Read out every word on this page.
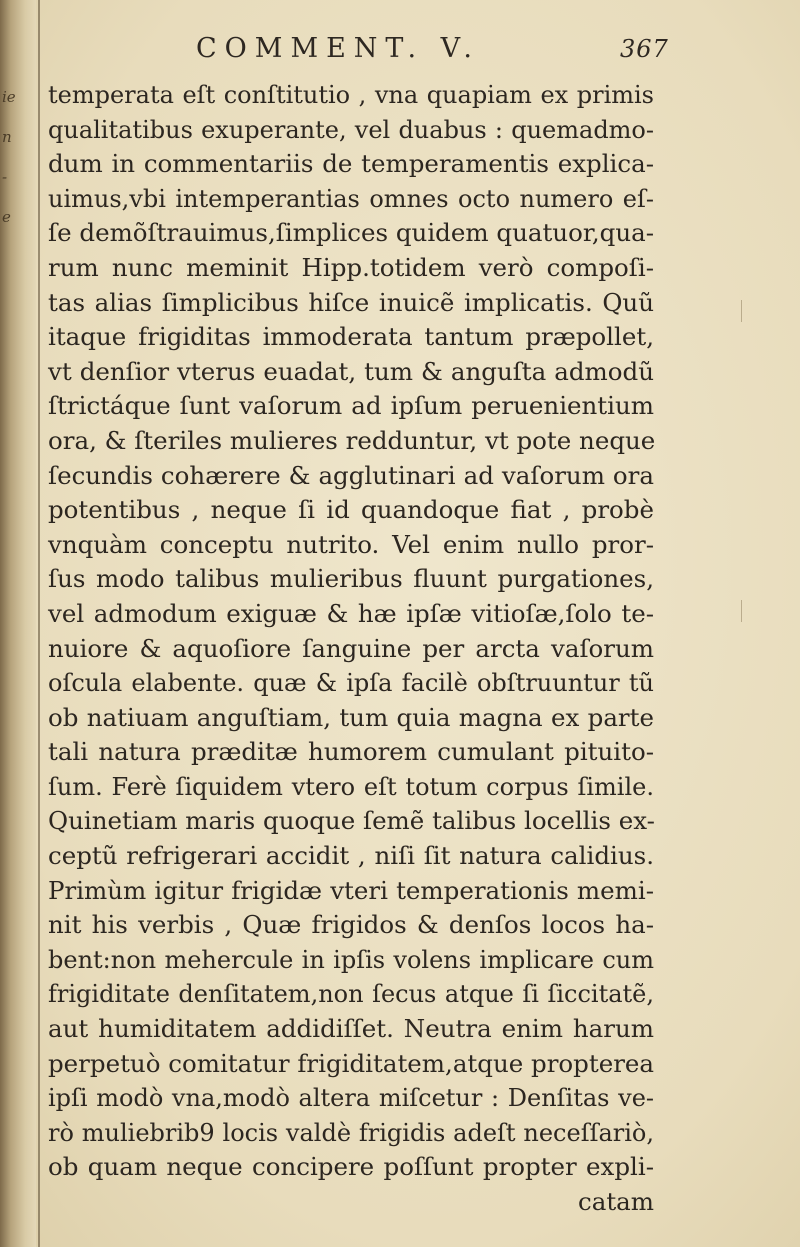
ie
n
-
e
COMMENT. V.	367
temperata eſt conſtitutio , vna quapiam ex primis
qualitatibus exuperante, vel duabus : quemadmo-
dum in commentariis de temperamentis explica-
uimus,vbi intemperantias omnes octo numero eſ-
ſe demõſtrauimus,ſimplices quidem quatuor,qua-
rum nunc meminit Hipp.totidem verò compoſi-
tas alias ſimplicibus hiſce inuicẽ implicatis. Quũ
itaque frigiditas immoderata tantum præpollet,
vt denſior vterus euadat, tum & anguſta admodũ
ſtrictáque ſunt vaſorum ad ipſum peruenientium
ora, & ſteriles mulieres redduntur, vt pote neque
ſecundis cohærere & agglutinari ad vaſorum ora
potentibus , neque ſi id quandoque fiat , probè
vnquàm conceptu nutrito. Vel enim nullo pror-
ſus modo talibus mulieribus fluunt purgationes,
vel admodum exiguæ & hæ ipſæ vitioſæ,ſolo te-
nuiore & aquoſiore ſanguine per arcta vaſorum
oſcula elabente. quæ & ipſa facilè obſtruuntur tũ
ob natiuam anguſtiam, tum quia magna ex parte
tali natura præditæ humorem cumulant pituito-
ſum. Ferè ſiquidem vtero eſt totum corpus ſimile.
Quinetiam maris quoque ſemẽ talibus locellis ex-
ceptũ refrigerari accidit , niſi ſit natura calidius.
Primùm igitur frigidæ vteri temperationis memi-
nit his verbis , Quæ frigidos & denſos locos ha-
bent:non mehercule in ipſis volens implicare cum
frigiditate denſitatem,non ſecus atque ſi ſiccitatẽ,
aut humiditatem addidiſſet. Neutra enim harum
perpetuò comitatur frigiditatem,atque propterea
ipſi modò vna,modò altera miſcetur : Denſitas ve-
rò muliebrib9 locis valdè frigidis adeſt neceſſariò,
ob quam neque concipere poſſunt propter expli-
catam
